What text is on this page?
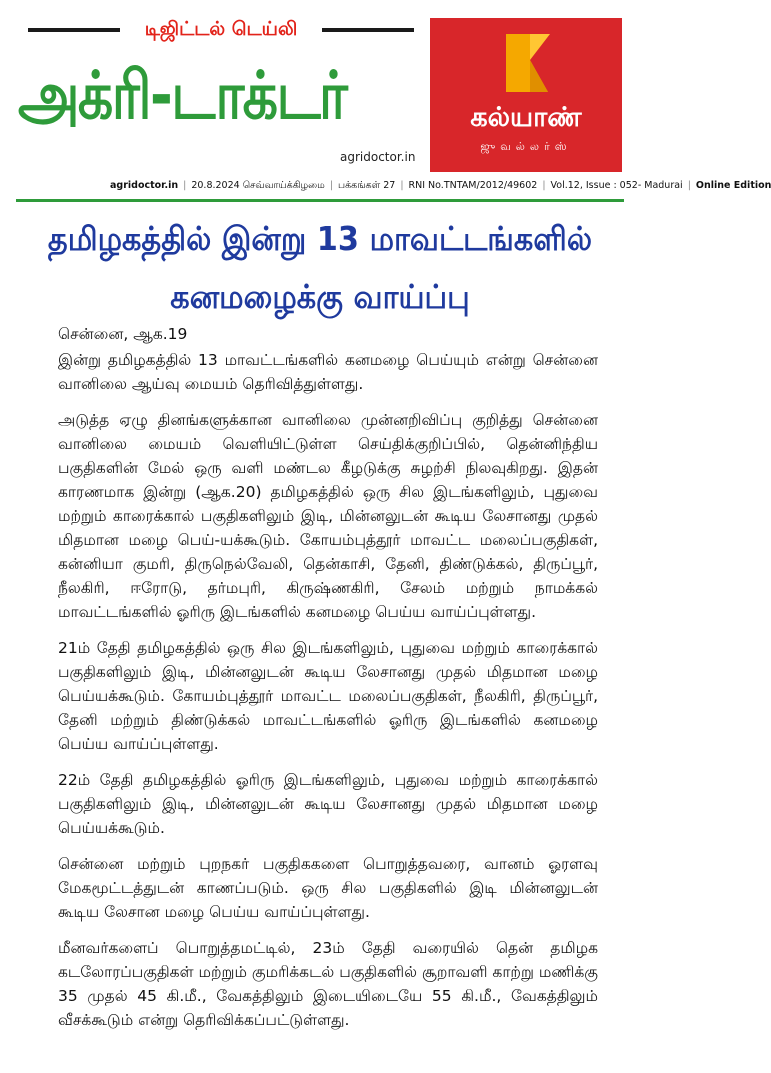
டிஜிட்டல் டெய்லி
அக்ரி-டாக்டர்
agridoctor.in
கல்யாண்
ஜுவல்லர்ஸ்
agridoctor.in | 20.8.2024 செவ்வாய்க்கிழமை | பக்கங்கள் 27 | RNI No.TNTAM/2012/49602 | Vol.12, Issue : 052- Madurai | Online Edition
தமிழகத்தில் இன்று 13 மாவட்டங்களில்
கனமழைக்கு வாய்ப்பு
சென்னை, ஆக.19

இன்று தமிழகத்தில் 13 மாவட்டங்களில் கனமழை பெய்யும் என்று சென்னை வானிலை ஆய்வு மையம் தெரிவித்துள்ளது.

அடுத்த ஏழு தினங்களுக்கான வானிலை முன்னறிவிப்பு குறித்து சென்னை வானிலை மையம் வெளியிட்டுள்ள செய்திக்குறிப்பில், தென்னிந்திய பகுதிகளின் மேல் ஒரு வளி மண்டல கீழடுக்கு சுழற்சி நிலவுகிறது. இதன் காரணமாக இன்று (ஆக.20) தமிழகத்தில் ஒரு சில இடங்களிலும், புதுவை மற்றும் காரைக்கால் பகுதிகளிலும் இடி, மின்னலுடன் கூடிய லேசானது முதல் மிதமான மழை பெய்-யக்கூடும். கோயம்புத்தூர் மாவட்ட மலைப்பகுதிகள், கன்னியா குமரி, திருநெல்வேலி, தென்காசி, தேனி, திண்டுக்கல், திருப்பூர், நீலகிரி, ஈரோடு, தர்மபுரி, கிருஷ்ணகிரி, சேலம் மற்றும் நாமக்கல் மாவட்டங்களில் ஓரிரு இடங்களில் கனமழை பெய்ய வாய்ப்புள்ளது.

21ம் தேதி தமிழகத்தில் ஒரு சில இடங்களிலும், புதுவை மற்றும் காரைக்கால் பகுதிகளிலும் இடி, மின்னலுடன் கூடிய லேசானது முதல் மிதமான மழை பெய்யக்கூடும். கோயம்புத்தூர் மாவட்ட மலைப்பகுதிகள், நீலகிரி, திருப்பூர், தேனி மற்றும் திண்டுக்கல் மாவட்டங்களில் ஓரிரு இடங்களில் கனமழை பெய்ய வாய்ப்புள்ளது.

22ம் தேதி தமிழகத்தில் ஓரிரு இடங்களிலும், புதுவை மற்றும் காரைக்கால் பகுதிகளிலும் இடி, மின்னலுடன் கூடிய லேசானது முதல் மிதமான மழை பெய்யக்கூடும்.

சென்னை மற்றும் புறநகர் பகுதிககளை பொறுத்தவரை, வானம் ஓரளவு மேகமூட்டத்துடன் காணப்படும். ஒரு சில பகுதிகளில் இடி மின்னலுடன் கூடிய லேசான மழை பெய்ய வாய்ப்புள்ளது.

மீனவர்களைப் பொறுத்தமட்டில், 23ம் தேதி வரையில் தென் தமிழக கடலோரப்பகுதிகள் மற்றும் குமரிக்கடல் பகுதிகளில் சூறாவளி காற்று மணிக்கு 35 முதல் 45 கி.மீ., வேகத்திலும் இடையிடையே 55 கி.மீ., வேகத்திலும் வீசக்கூடும் என்று தெரிவிக்கப்பட்டுள்ளது.
